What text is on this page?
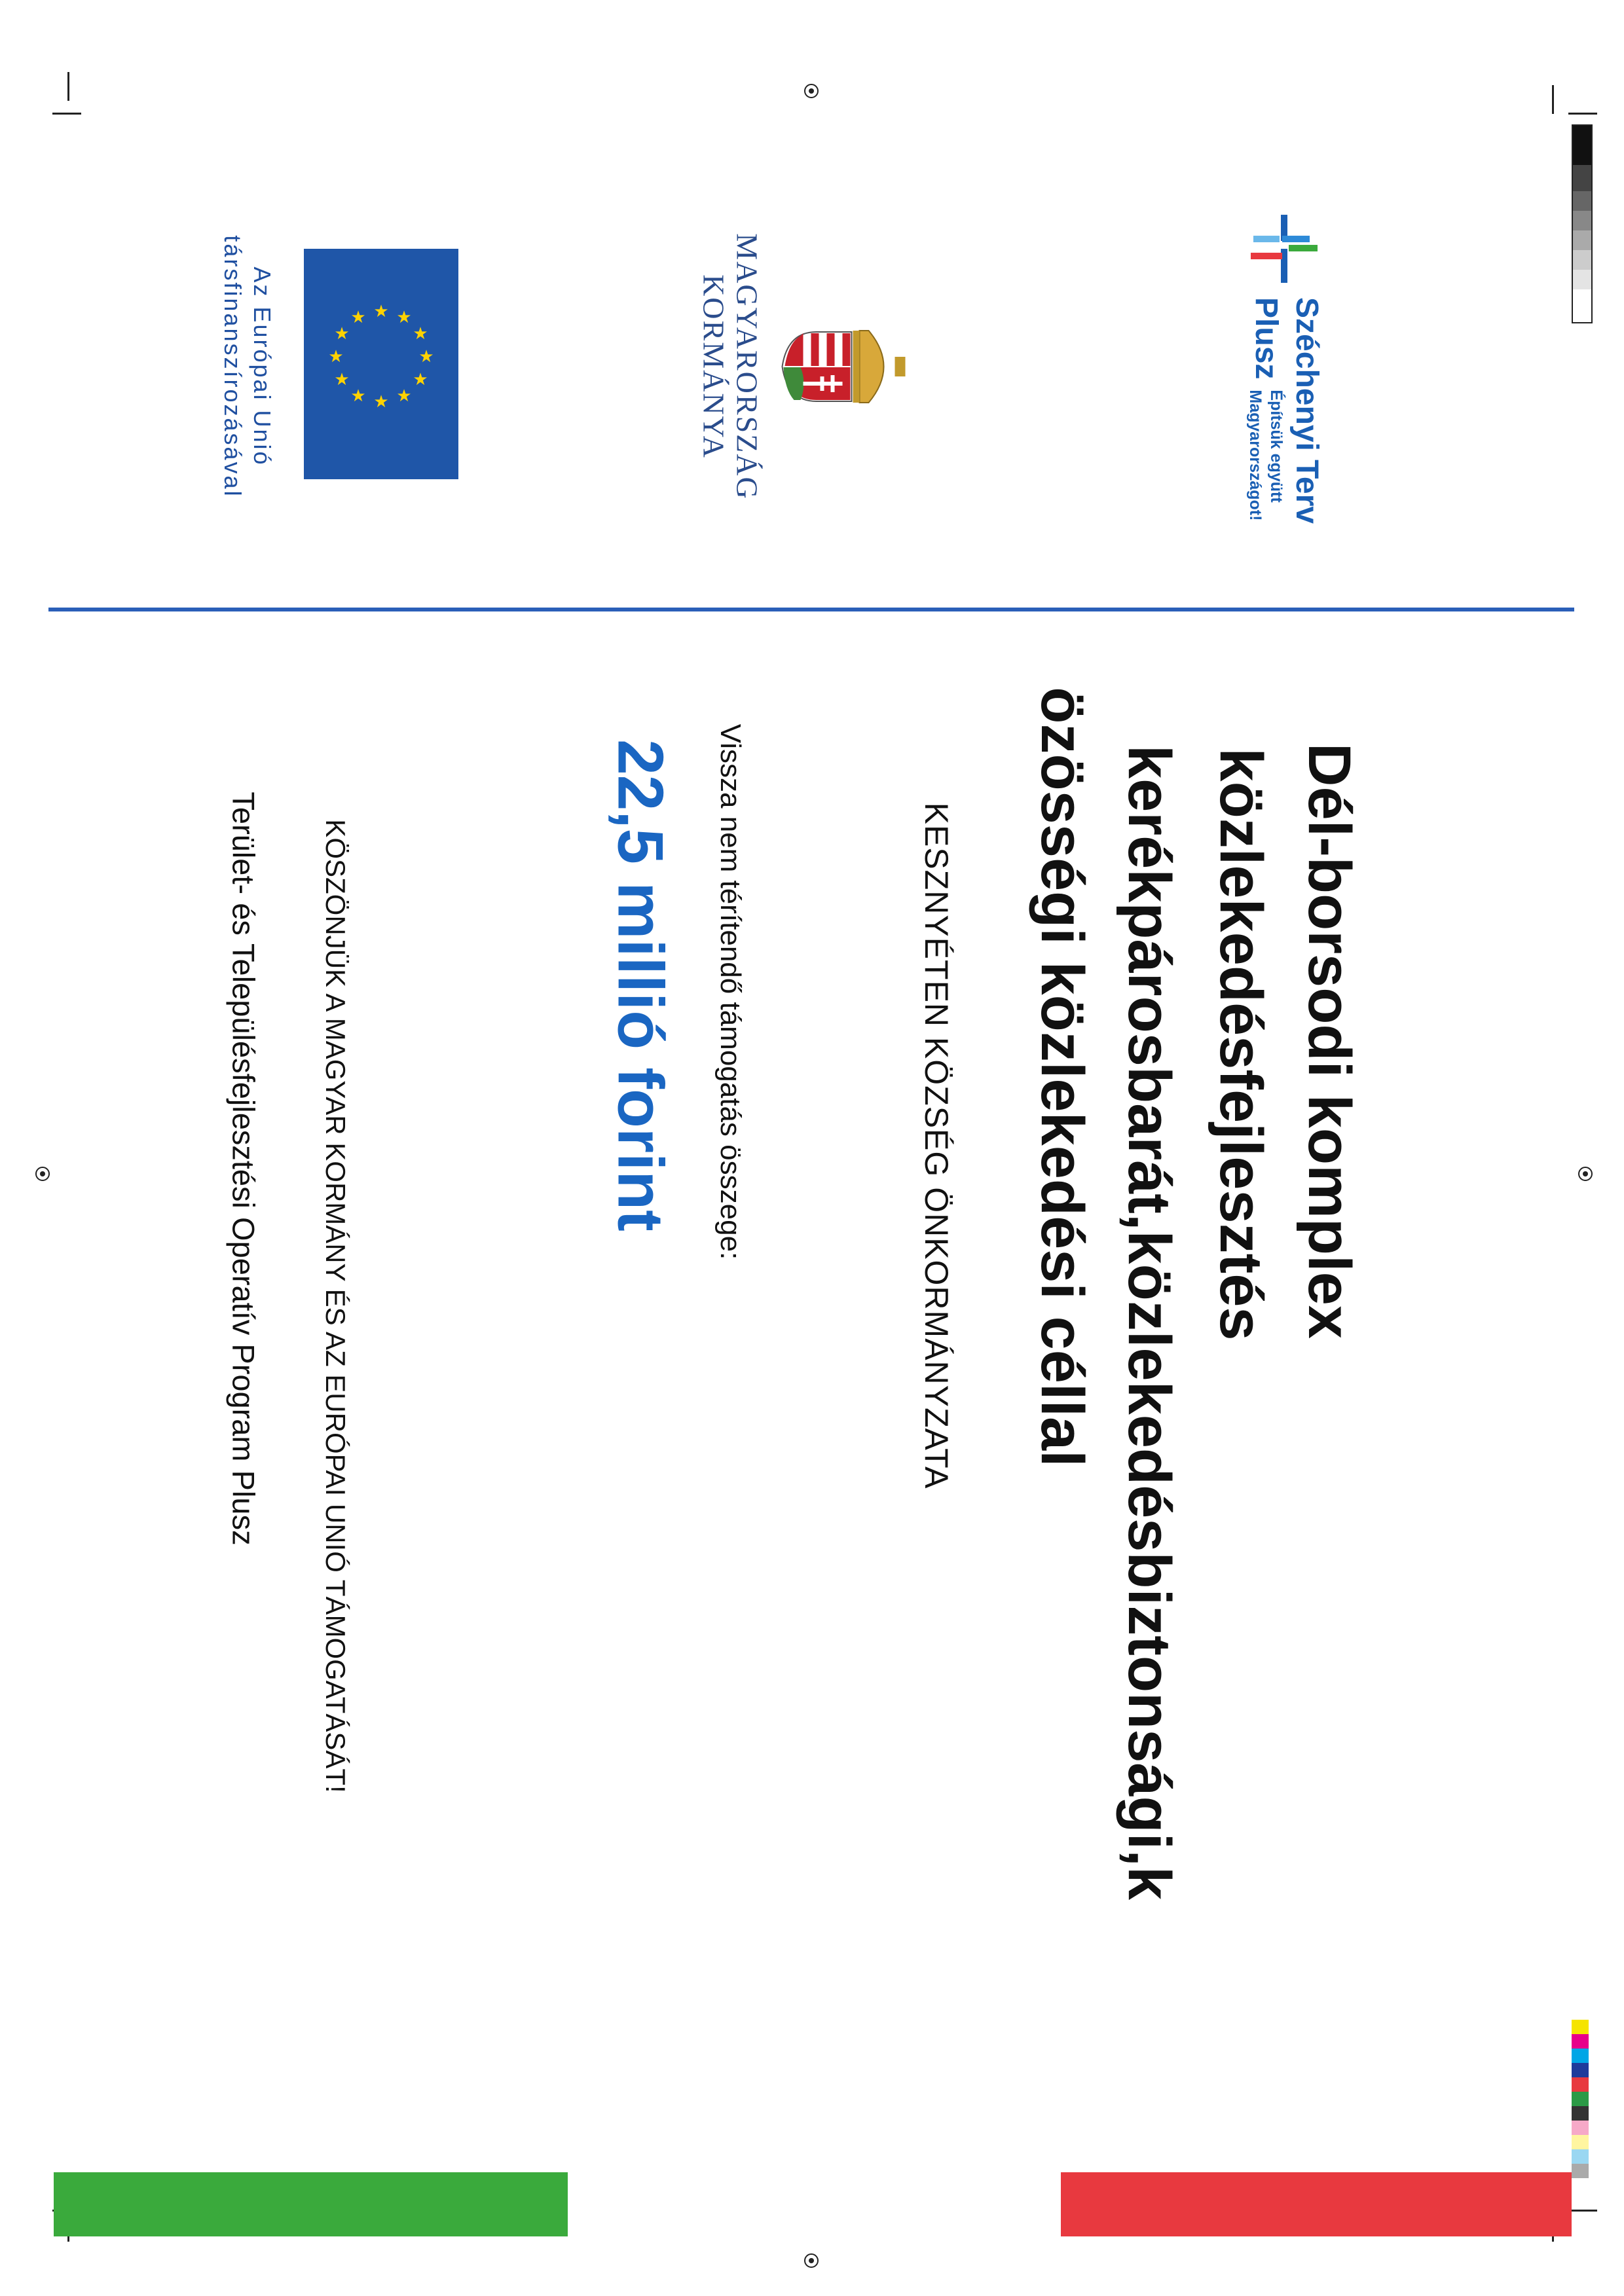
Széchenyi Terv
Plusz
Építsük együtt
Magyarországot!
MAGYARORSZÁG
KORMÁNYA
★ ★
★
★
★
★
★
★
★
★
★
★
Az Európai Unió
társfinanszírozásával
Dél-borsodi komplex
közlekedésfejlesztés
kerékpárosbarát,közlekedésbiztonsági,k
özösségi közlekedési céllal
KESZNYÉTEN KÖZSÉG ÖNKORMÁNYZATA
Vissza nem térítendő támogatás összege:
22,5 millió forint
KÖSZÖNJÜK A MAGYAR KORMÁNY ÉS AZ EURÓPAI UNIÓ TÁMOGATÁSÁT!
Terület- és Településfejlesztési Operatív Program Plusz
